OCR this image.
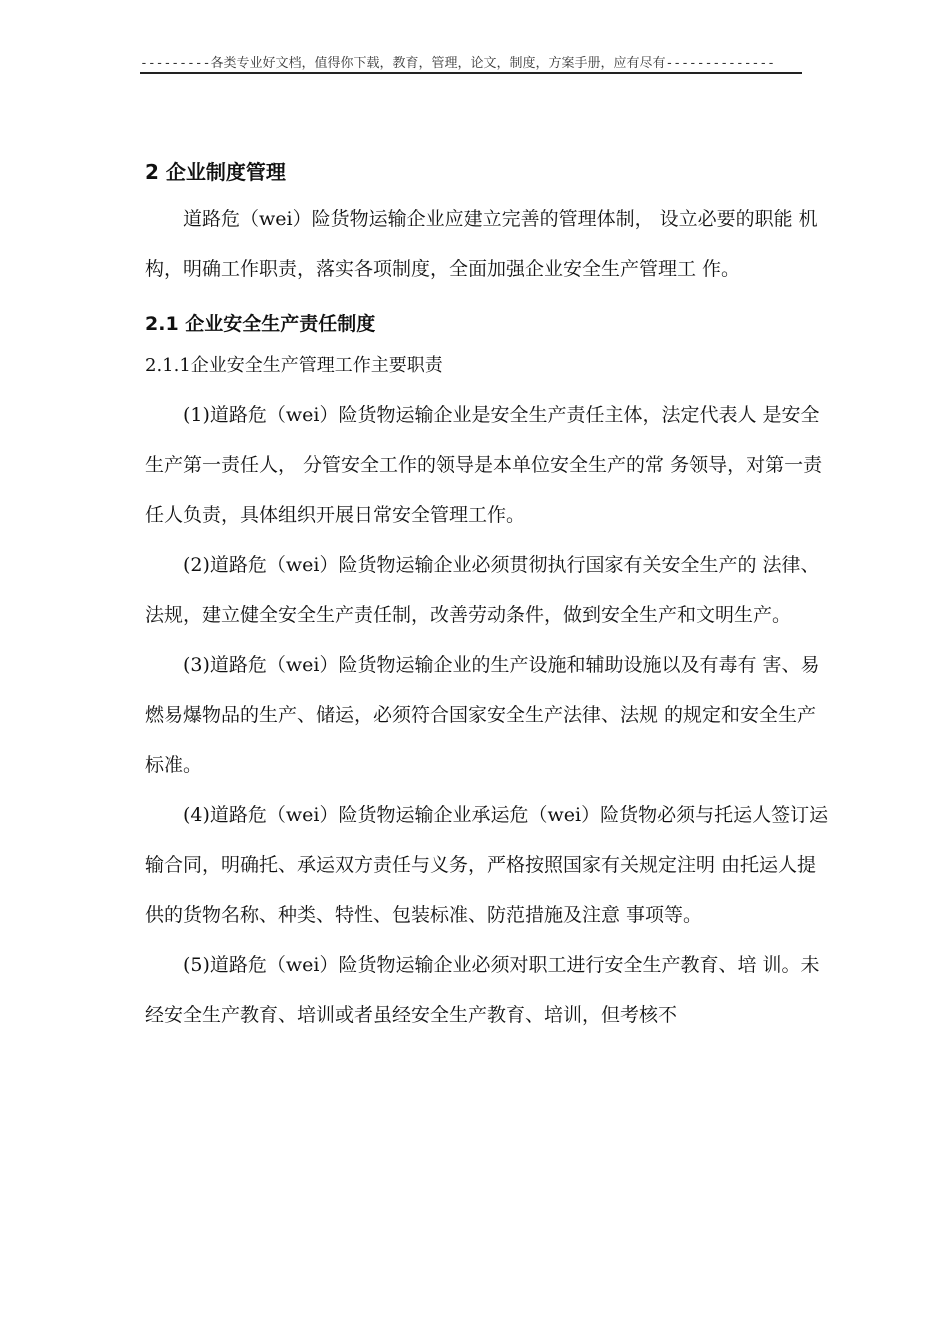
---------各类专业好文档，值得你下载，教育，管理，论文，制度，方案手册，应有尽有--------------
2 企业制度管理

道路危（wei）险货物运输企业应建立完善的管理体制， 设立必要的职能 机构，明确工作职责，落实各项制度，全面加强企业安全生产管理工 作。

2.1 企业安全生产责任制度
2.1.1企业安全生产管理工作主要职责

(1)道路危（wei）险货物运输企业是安全生产责任主体，法定代表人 是安全生产第一责任人， 分管安全工作的领导是本单位安全生产的常 务领导，对第一责任人负责，具体组织开展日常安全管理工作。

(2)道路危（wei）险货物运输企业必须贯彻执行国家有关安全生产的 法律、法规，建立健全安全生产责任制，改善劳动条件，做到安全生产和文明生产。

(3)道路危（wei）险货物运输企业的生产设施和辅助设施以及有毒有 害、易燃易爆物品的生产、储运，必须符合国家安全生产法律、法规 的规定和安全生产标准。

(4)道路危（wei）险货物运输企业承运危（wei）险货物必须与托运人签订运 输合同，明确托、承运双方责任与义务，严格按照国家有关规定注明 由托运人提供的货物名称、种类、特性、包装标准、防范措施及注意 事项等。

(5)道路危（wei）险货物运输企业必须对职工进行安全生产教育、培 训。未经安全生产教育、培训或者虽经安全生产教育、培训，但考核不
